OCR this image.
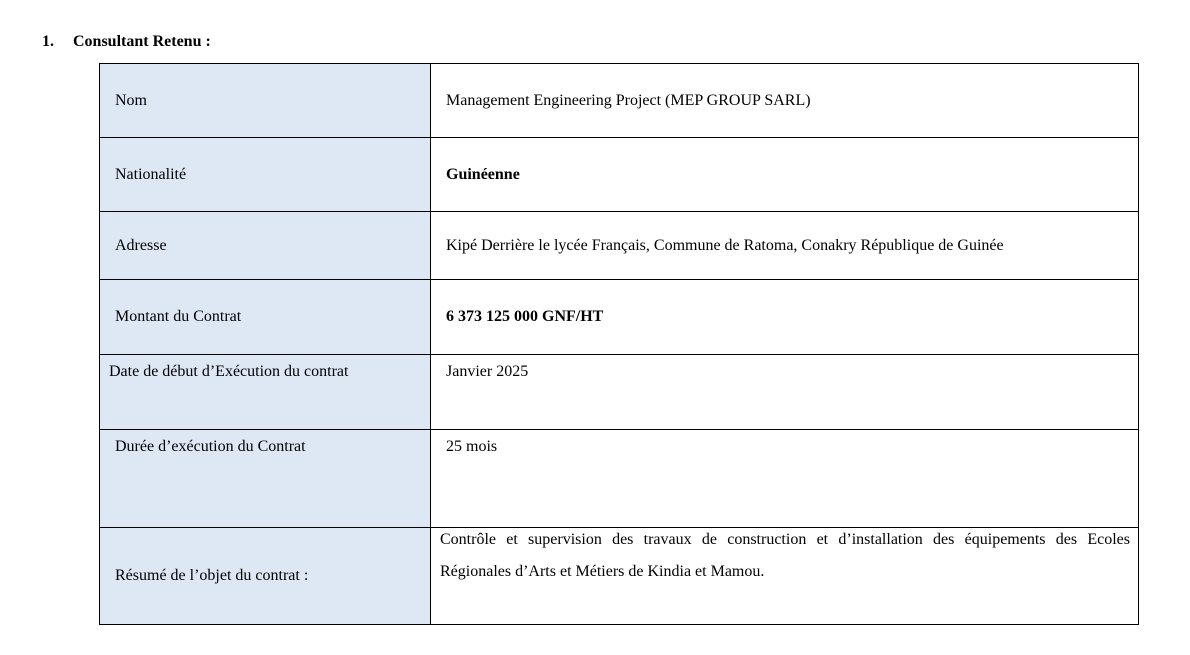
1.	Consultant Retenu :
Nom	Management Engineering Project (MEP GROUP SARL)

Nationalité	Guinéenne

Adresse	Kipé Derrière le lycée Français, Commune de Ratoma, Conakry République de Guinée

Montant du Contrat	6 373 125 000 GNF/HT

Date de début d’Exécution du contrat	Janvier 2025

Durée d’exécution du Contrat	25 mois

Résumé de l’objet du contrat :	Contrôle et supervision des travaux de construction et d’installation des équipements des Ecoles Régionales d’Arts et Métiers de Kindia et Mamou.
